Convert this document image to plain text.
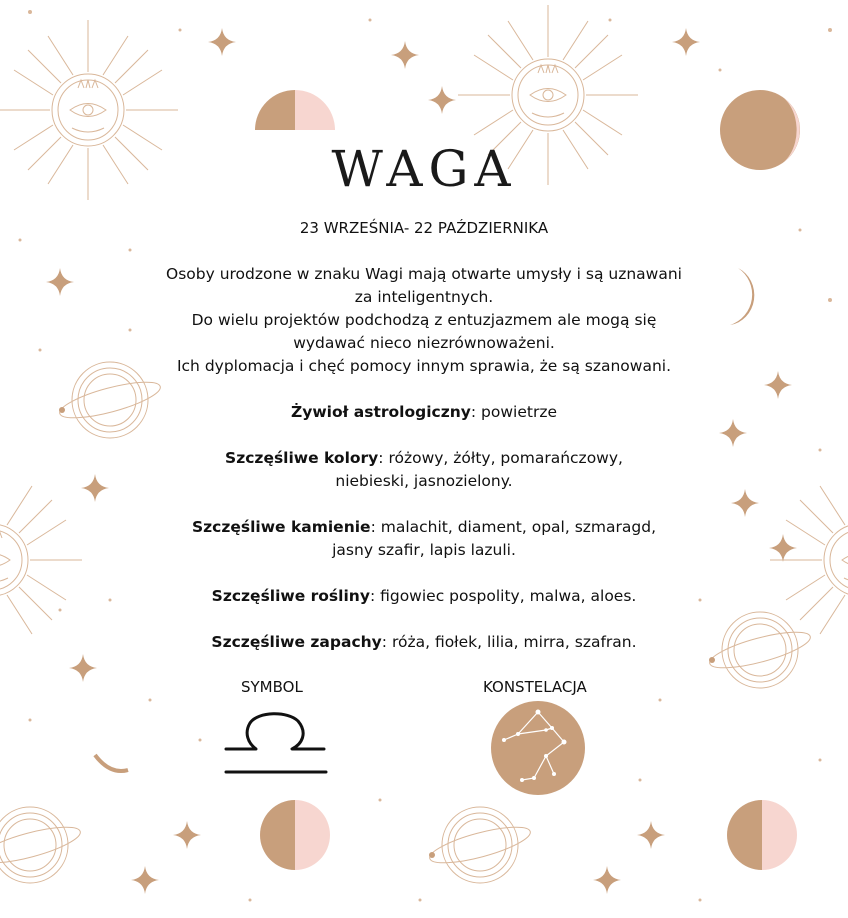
WAGA
23 WRZEŚNIA- 22 PAŹDZIERNIKA

Osoby urodzone w znaku Wagi mają otwarte umysły i są uznawani
za inteligentnych.
Do wielu projektów podchodzą z entuzjazmem ale mogą się
wydawać nieco niezrównoważeni.
Ich dyplomacja i chęć pomocy innym sprawia, że są szanowani.

Żywioł astrologiczny: powietrze

Szczęśliwe kolory: różowy, żółty, pomarańczowy, niebieski, jasnozielony.

Szczęśliwe kamienie: malachit, diament, opal, szmaragd, jasny szafir, lapis lazuli.

Szczęśliwe rośliny: figowiec pospolity, malwa, aloes.

Szczęśliwe zapachy: róża, fiołek, lilia, mirra, szafran.

SYMBOL	KONSTELACJA
